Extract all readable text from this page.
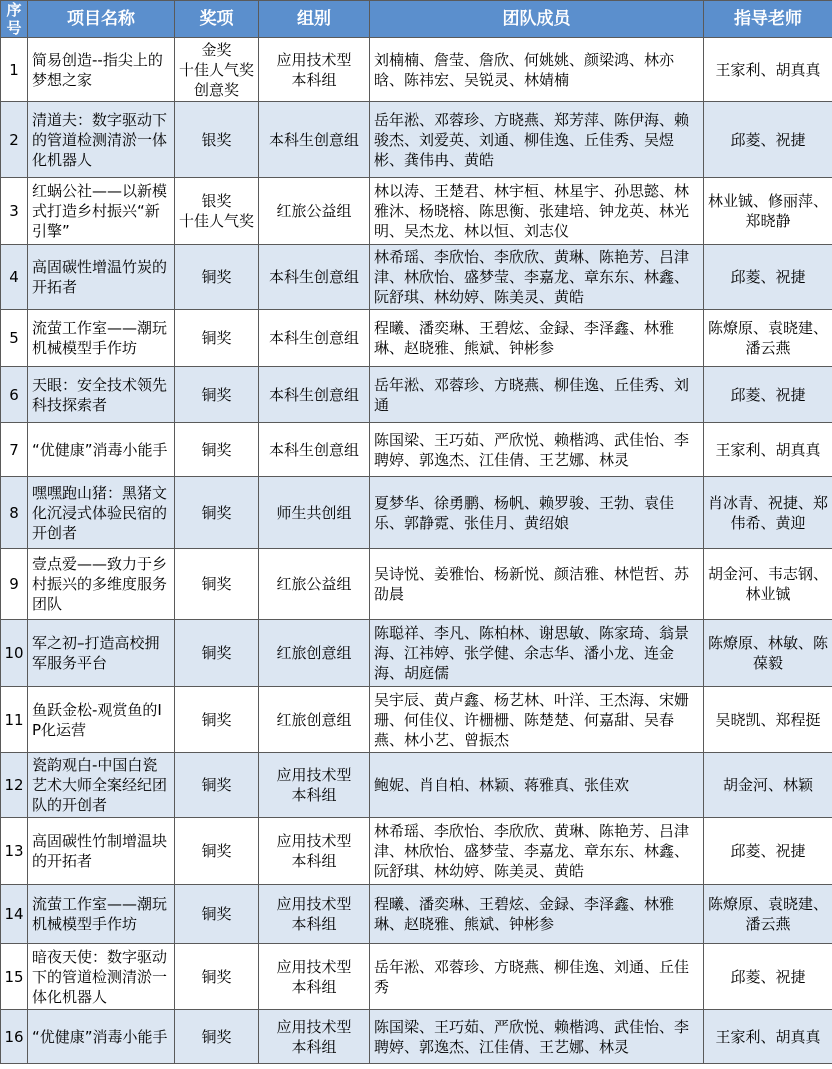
序号	项目名称	奖项	组别	团队成员	指导老师
1	简易创造--指尖上的梦想之家	金奖
十佳人气奖
创意奖	应用技术型
本科组	刘楠楠、詹莹、詹欣、何姚姚、颜梁鸿、林亦晗、陈祎宏、吴锐灵、林婧楠	王家利、胡真真
2	清道夫：数字驱动下的管道检测清淤一体化机器人	银奖	本科生创意组	岳年淞、邓蓉珍、方晓燕、郑芳萍、陈伊海、赖骏杰、刘爱英、刘通、柳佳逸、丘佳秀、吴煜彬、龚伟冉、黄皓	邱菱、祝捷
3	红蜗公社——以新模式打造乡村振兴“新引擎”	银奖
十佳人气奖	红旅公益组	林以涛、王楚君、林宇桓、林星宇、孙思懿、林雅沐、杨晓榕、陈思衡、张建培、钟龙英、林光明、吴杰龙、林以恒、刘志仪	林业铖、修丽萍、郑晓静
4	高固碳性增温竹炭的开拓者	铜奖	本科生创意组	林希瑶、李欣怡、李欣欣、黄琳、陈艳芳、吕津津、林欣怡、盛梦莹、李嘉龙、章东东、林鑫、阮舒琪、林幼婷、陈美灵、黄皓	邱菱、祝捷
5	流萤工作室——潮玩机械模型手作坊	铜奖	本科生创意组	程曦、潘奕琳、王碧炫、金録、李泽鑫、林雅琳、赵晓雅、熊斌、钟彬参	陈燎原、袁晓建、潘云燕
6	天眼：安全技术领先科技探索者	铜奖	本科生创意组	岳年淞、邓蓉珍、方晓燕、柳佳逸、丘佳秀、刘通	邱菱、祝捷
7	“优健康”消毒小能手	铜奖	本科生创意组	陈国梁、王巧茹、严欣悦、赖楷鸿、武佳怡、李聘婷、郭逸杰、江佳倩、王艺娜、林灵	王家利、胡真真
8	嘿嘿跑山猪：黑猪文化沉浸式体验民宿的开创者	铜奖	师生共创组	夏梦华、徐勇鹏、杨帆、赖罗骏、王勃、袁佳乐、郭静霓、张佳月、黄绍娘	肖冰青、祝捷、郑伟希、黄迎
9	壹点爱——致力于乡村振兴的多维度服务团队	铜奖	红旅公益组	吴诗悦、姜雅怡、杨新悦、颜洁雅、林恺哲、苏劭晨	胡金河、韦志钢、林业铖
10	军之初–打造高校拥军服务平台	铜奖	红旅创意组	陈聪祥、李凡、陈柏林、谢思敏、陈家琦、翁景海、江祎婷、张学健、余志华、潘小龙、连金海、胡庭儒	陈燎原、林敏、陈葆毅
11	鱼跃金松-观赏鱼的IP化运营	铜奖	红旅创意组	吴宇辰、黄卢鑫、杨艺林、叶洋、王杰海、宋姗珊、何佳仪、许栅栅、陈楚楚、何嘉甜、吴春燕、林小艺、曾振杰	吴晓凯、郑程挺
12	瓷韵观白-中国白瓷艺术大师全案经纪团队的开创者	铜奖	应用技术型
本科组	鲍妮、肖自柏、林颖、蒋雅真、张佳欢	胡金河、林颖
13	高固碳性竹制增温块的开拓者	铜奖	应用技术型
本科组	林希瑶、李欣怡、李欣欣、黄琳、陈艳芳、吕津津、林欣怡、盛梦莹、李嘉龙、章东东、林鑫、阮舒琪、林幼婷、陈美灵、黄皓	邱菱、祝捷
14	流萤工作室——潮玩机械模型手作坊	铜奖	应用技术型
本科组	程曦、潘奕琳、王碧炫、金録、李泽鑫、林雅琳、赵晓雅、熊斌、钟彬参	陈燎原、袁晓建、潘云燕
15	暗夜天使：数字驱动下的管道检测清淤一体化机器人	铜奖	应用技术型
本科组	岳年淞、邓蓉珍、方晓燕、柳佳逸、刘通、丘佳秀	邱菱、祝捷
16	“优健康”消毒小能手	铜奖	应用技术型
本科组	陈国梁、王巧茹、严欣悦、赖楷鸿、武佳怡、李聘婷、郭逸杰、江佳倩、王艺娜、林灵	王家利、胡真真
